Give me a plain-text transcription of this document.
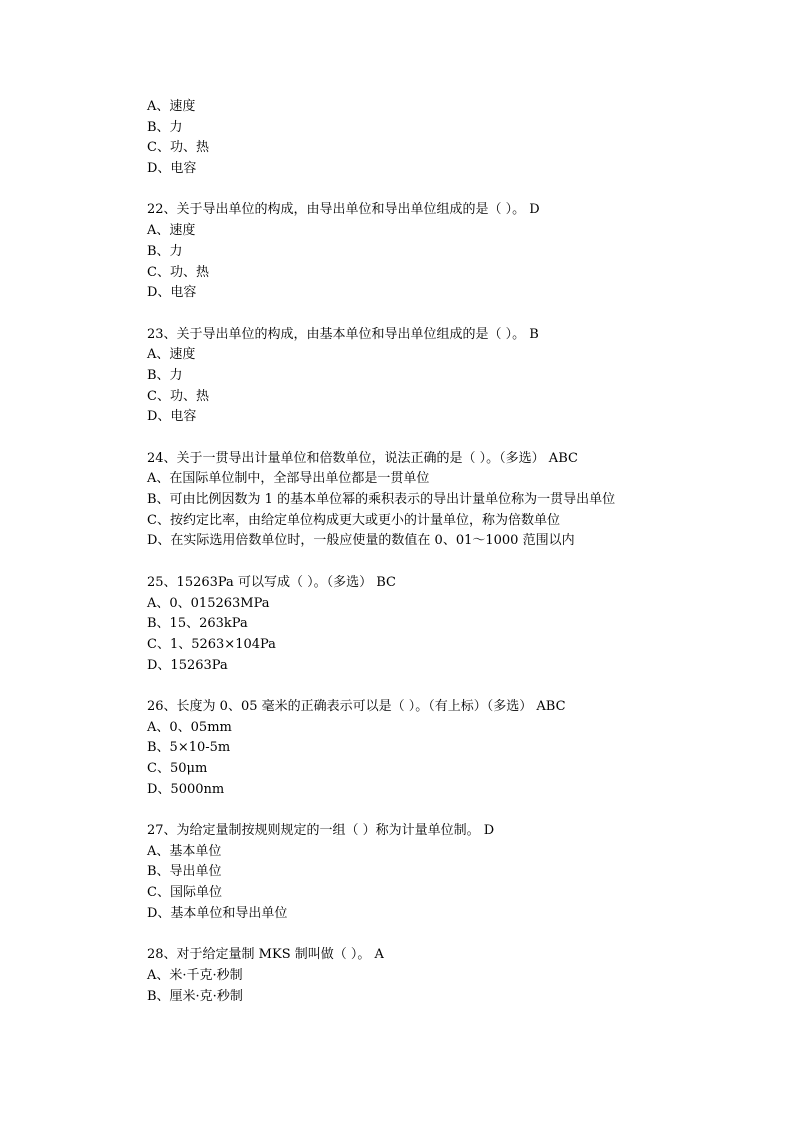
A、速度
B、力
C、功、热
D、电容
22、关于导出单位的构成，由导出单位和导出单位组成的是（ ）。 D
A、速度
B、力
C、功、热
D、电容
23、关于导出单位的构成，由基本单位和导出单位组成的是（ ）。 B
A、速度
B、力
C、功、热
D、电容
24、关于一贯导出计量单位和倍数单位，说法正确的是（ ）。（多选） ABC
A、在国际单位制中，全部导出单位都是一贯单位
B、可由比例因数为 1 的基本单位幂的乘积表示的导出计量单位称为一贯导出单位
C、按约定比率，由给定单位构成更大或更小的计量单位，称为倍数单位
D、在实际选用倍数单位时，一般应使量的数值在 0、01～1000 范围以内
25、15263Pa 可以写成（ ）。（多选） BC
A、0、015263MPa
B、15、263kPa
C、1、5263×104Pa
D、15263Pa
26、长度为 0、05 毫米的正确表示可以是（ ）。（有上标）（多选） ABC
A、0、05mm
B、5×10-5m
C、50μm
D、5000nm
27、为给定量制按规则规定的一组（ ）称为计量单位制。 D
A、基本单位
B、导出单位
C、国际单位
D、基本单位和导出单位
28、对于给定量制 MKS 制叫做（ ）。 A
A、米·千克·秒制
B、厘米·克·秒制
